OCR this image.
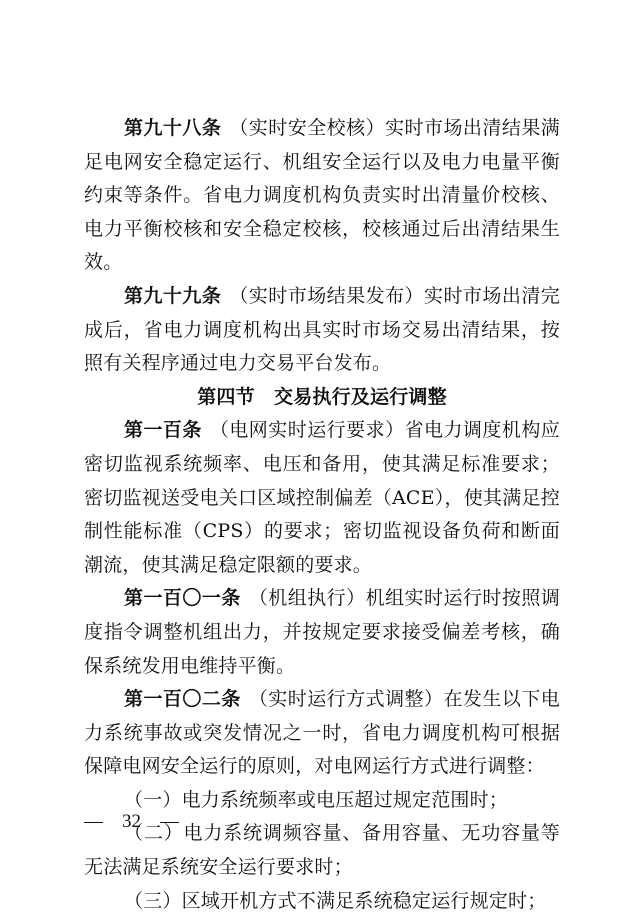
第九十八条 （实时安全校核）实时市场出清结果满足电网安全稳定运行、机组安全运行以及电力电量平衡约束等条件。省电力调度机构负责实时出清量价校核、电力平衡校核和安全稳定校核，校核通过后出清结果生效。

第九十九条 （实时市场结果发布）实时市场出清完成后，省电力调度机构出具实时市场交易出清结果，按照有关程序通过电力交易平台发布。

第四节　交易执行及运行调整

第一百条 （电网实时运行要求）省电力调度机构应密切监视系统频率、电压和备用，使其满足标准要求；密切监视送受电关口区域控制偏差（ACE），使其满足控制性能标准（CPS）的要求；密切监视设备负荷和断面潮流，使其满足稳定限额的要求。

第一百〇一条 （机组执行）机组实时运行时按照调度指令调整机组出力，并按规定要求接受偏差考核，确保系统发用电维持平衡。

第一百〇二条 （实时运行方式调整）在发生以下电力系统事故或突发情况之一时，省电力调度机构可根据保障电网安全运行的原则，对电网运行方式进行调整：

（一）电力系统频率或电压超过规定范围时；

（二）电力系统调频容量、备用容量、无功容量等无法满足系统安全运行要求时；

（三）区域开机方式不满足系统稳定运行规定时；

—　32　—
